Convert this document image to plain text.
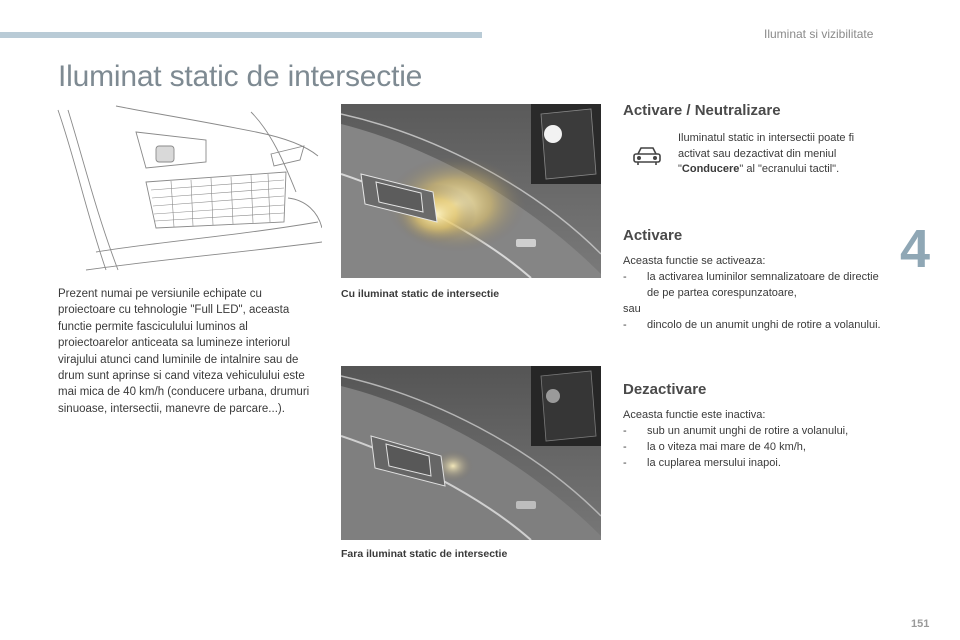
Iluminat si vizibilitate
Iluminat static de intersectie
4
Prezent numai pe versiunile echipate cu proiectoare cu tehnologie "Full LED", aceasta functie permite fasciculului luminos al proiectoarelor anticeata sa lumineze interiorul virajului atunci cand luminile de intalnire sau de drum sunt aprinse si cand viteza vehiculului este mai mica de 40 km/h (conducere urbana, drumuri sinuoase, intersectii, manevre de parcare...).
Cu iluminat static de intersectie
Fara iluminat static de intersectie
Activare / Neutralizare
Iluminatul static in intersectii poate fi activat sau dezactivat din meniul "Conducere" al "ecranului tactil".
Activare
Aceasta functie se activeaza:
-	la activarea luminilor semnalizatoare de directie de pe partea corespunzatoare,
sau
-	dincolo de un anumit unghi de rotire a volanului.
Dezactivare
Aceasta functie este inactiva:
-	sub un anumit unghi de rotire a volanului,
-	la o viteza mai mare de 40 km/h,
-	la cuplarea mersului inapoi.
151
